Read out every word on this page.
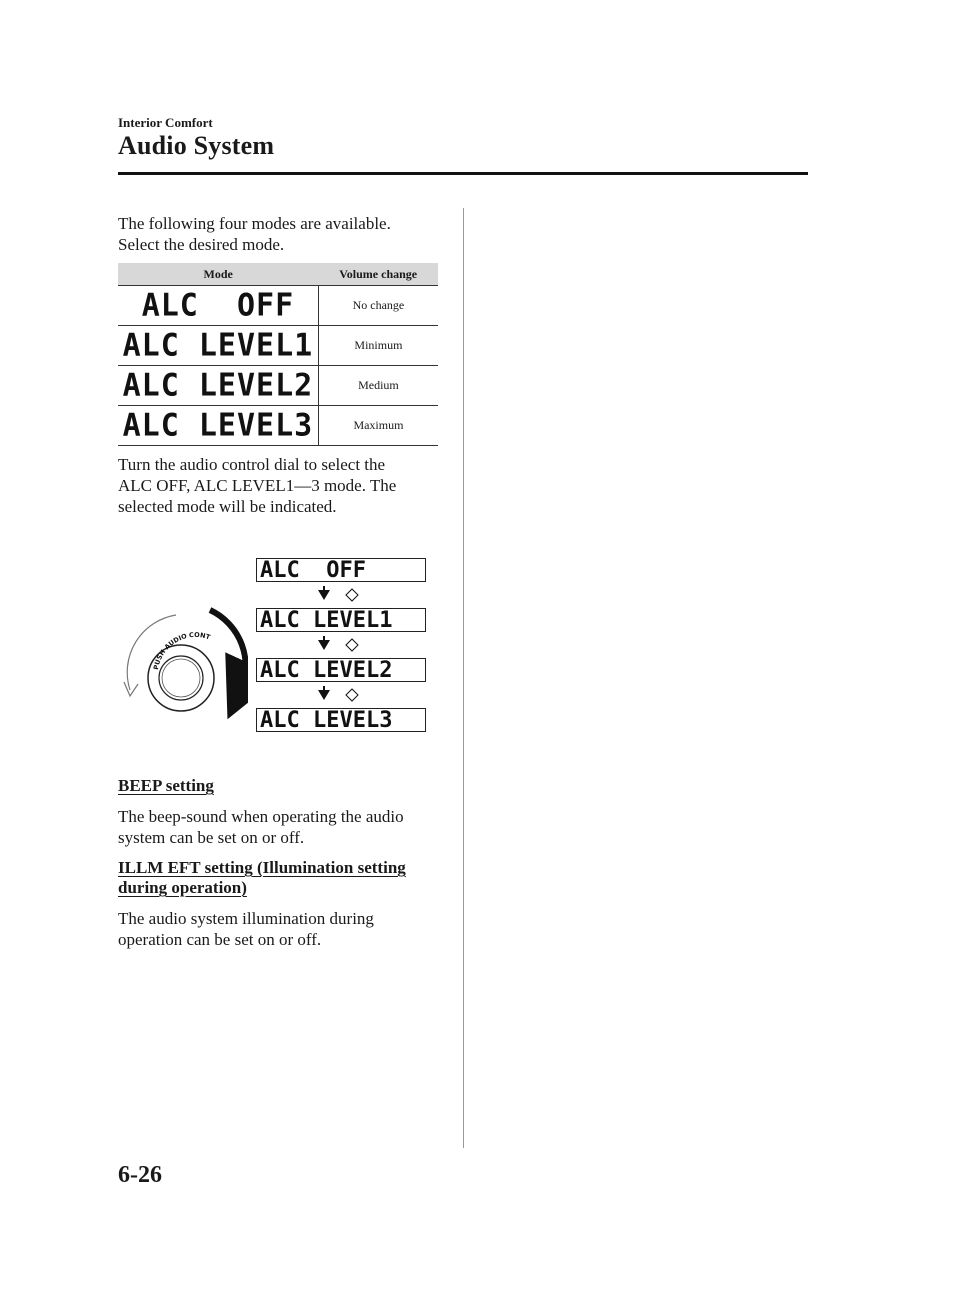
Interior Comfort
Audio System

The following four modes are available.
Select the desired mode.

Mode	Volume change
ALC  OFF	No change
ALC LEVEL1	Minimum
ALC LEVEL2	Medium
ALC LEVEL3	Maximum

Turn the audio control dial to select the
ALC OFF, ALC LEVEL1―3 mode. The
selected mode will be indicated.

PUSH AUDIO CONT
ALC  OFF
ALC LEVEL1
ALC LEVEL2
ALC LEVEL3

BEEP setting

The beep-sound when operating the audio
system can be set on or off.

ILLM EFT setting (Illumination setting
during operation)

The audio system illumination during
operation can be set on or off.

6-26
